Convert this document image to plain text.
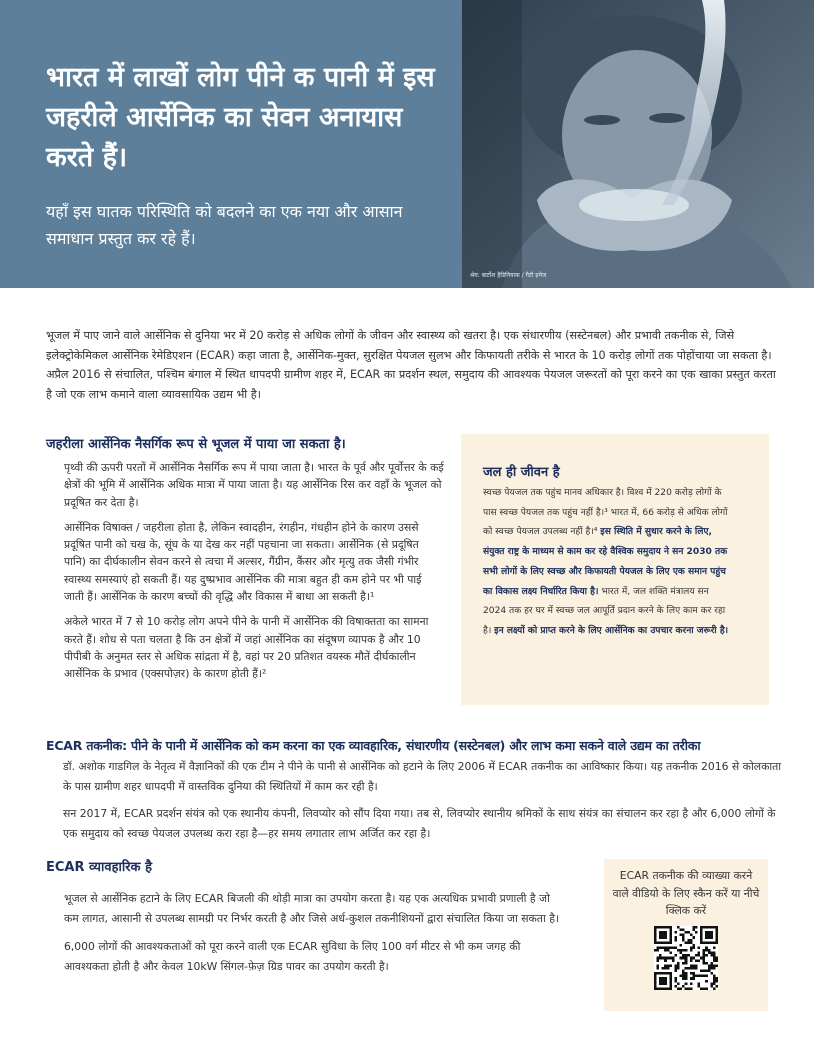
भारत में लाखों लोग पीने क पानी में इस जहरीले आर्सेनिक का सेवन अनायास करते हैं।

यहाँ इस घातक परिस्थिति को बदलने का एक नया और आसान समाधान प्रस्तुत कर रहे हैं।

श्रेय: बार्टोश हैडिनियाक / गैटी इमेज

भूजल में पाए जाने वाले आर्सेनिक से दुनिया भर में 20 करोड़ से अधिक लोगों के जीवन और स्वास्थ्य को खतरा है। एक संधारणीय (सस्टेनबल) और प्रभावी तकनीक से, जिसे इलेक्ट्रोकेमिकल आर्सेनिक रेमेडिएशन (ECAR) कहा जाता है, आर्सेनिक-मुक्त, सुरक्षित पेयजल सुलभ और किफायती तरीके से भारत के 10 करोड़ लोगों तक पोहोंचाया जा सकता है। अप्रैल 2016 से संचालित, पश्चिम बंगाल में स्थित धापदपी ग्रामीण शहर में, ECAR का प्रदर्शन स्थल, समुदाय की आवश्यक पेयजल जरूरतों को पूरा करने का एक खाका प्रस्तुत करता है जो एक लाभ कमाने वाला व्यावसायिक उद्यम भी है।

जहरीला आर्सेनिक नैसर्गिक रूप से भूजल में पाया जा सकता है।

पृथ्वी की ऊपरी परतों में आर्सेनिक नैसर्गिक रूप में पाया जाता है। भारत के पूर्व और पूर्वोत्तर के कई क्षेत्रों की भूमि में आर्सेनिक अधिक मात्रा में पाया जाता है। यह आर्सेनिक रिस कर वहाँ के भूजल को प्रदूषित कर देता है।

आर्सेनिक विषाक्त / जहरीला होता है, लेकिन स्वादहीन, रंगहीन, गंधहीन होने के कारण उससे प्रदूषित पानी को चख के, सूंघ के या देख कर नहीं पहचाना जा सकता। आर्सेनिक (से प्रदूषित पानि) का दीर्घकालीन सेवन करने से त्वचा में अल्सर, गैंग्रीन, कैंसर और मृत्यु तक जैसी गंभीर स्वास्थ्य समस्याएं हो सकती हैं। यह दुष्प्रभाव आर्सेनिक की मात्रा बहुत ही कम होने पर भी पाई जाती हैं। आर्सेनिक के कारण बच्चों की वृद्धि और विकास में बाधा आ सकती है।¹

अकेले भारत में 7 से 10 करोड़ लोग अपने पीने के पानी में आर्सेनिक की विषाक्तता का सामना करते हैं। शोध से पता चलता है कि उन क्षेत्रों में जहां आर्सेनिक का संदूषण व्यापक है और 10 पीपीबी के अनुमत स्तर से अधिक सांद्रता में है, वहां पर 20 प्रतिशत वयस्क मौतें दीर्घकालीन आर्सेनिक के प्रभाव (एक्सपोज़र) के कारण होती हैं।²

जल ही जीवन है

स्वच्छ पेयजल तक पहुंच मानव अधिकार है। विश्व में 220 करोड़ लोगों के पास स्वच्छ पेयजल तक पहुंच नहीं है।³ भारत में, 66 करोड़ से अधिक लोगों को स्वच्छ पेयजल उपलब्ध नहीं है।⁴ इस स्थिति में सुधार करने के लिए, संयुक्त राष्ट्र के माध्यम से काम कर रहे वैश्विक समुदाय ने सन 2030 तक सभी लोगों के लिए स्वच्छ और किफायती पेयजल के लिए एक समान पहुंच का विकास लक्ष्य निर्धारित किया है। भारत में, जल शक्ति मंत्रालय सन 2024 तक हर घर में स्वच्छ जल आपूर्ति प्रदान करने के लिए काम कर रहा है। इन लक्ष्यों को प्राप्त करने के लिए आर्सेनिक का उपचार करना जरूरी है।

ECAR तकनीक: पीने के पानी में आर्सेनिक को कम करना का एक व्यावहारिक, संधारणीय (सस्टेनबल) और लाभ कमा सकने वाले उद्यम का तरीका

डॉ. अशोक गाडगिल के नेतृत्व में वैज्ञानिकों की एक टीम ने पीने के पानी से आर्सेनिक को हटाने के लिए 2006 में ECAR तकनीक का आविष्कार किया। यह तकनीक 2016 से कोलकाता के पास ग्रामीण शहर धापदपी में वास्तविक दुनिया की स्थितियों में काम कर रही है।

सन 2017 में, ECAR प्रदर्शन संयंत्र को एक स्थानीय कंपनी, लिवप्योर को सौंप दिया गया। तब से, लिवप्योर स्थानीय श्रमिकों के साथ संयंत्र का संचालन कर रहा है और 6,000 लोगों के एक समुदाय को स्वच्छ पेयजल उपलब्ध करा रहा है—हर समय लगातार लाभ अर्जित कर रहा है।

ECAR व्यावहारिक है

भूजल से आर्सेनिक हटाने के लिए ECAR बिजली की थोड़ी मात्रा का उपयोग करता है। यह एक अत्यधिक प्रभावी प्रणाली है जो कम लागत, आसानी से उपलब्ध सामग्री पर निर्भर करती है और जिसे अर्ध-कुशल तकनीशियनों द्वारा संचालित किया जा सकता है।

6,000 लोगों की आवश्यकताओं को पूरा करने वाली एक ECAR सुविधा के लिए 100 वर्ग मीटर से भी कम जगह की आवश्यकता होती है और केवल 10kW सिंगल-फ़ेज़ ग्रिड पावर का उपयोग करती है।

ECAR तकनीक की व्याख्या करने वाले वीडियो के लिए स्कैन करें या नीचे क्लिक करें
